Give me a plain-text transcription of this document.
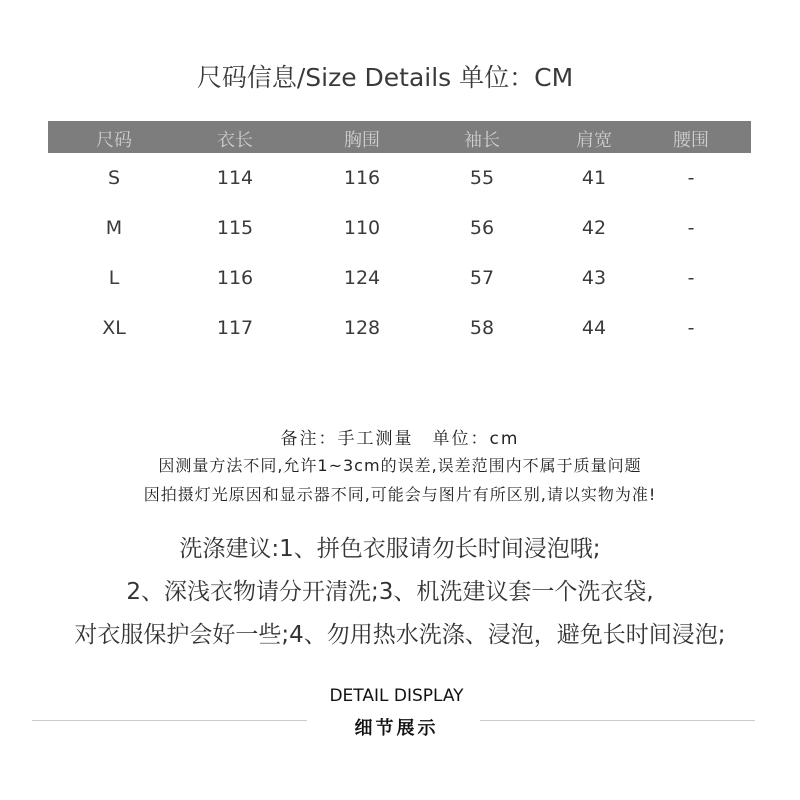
尺码信息/Size Details 单位：CM
尺码	衣长	胸围	袖长	肩宽	腰围
S	114	116	55	41	-
M	115	110	56	42	-
L	116	124	57	43	-
XL	117	128	58	44	-
备注：手工测量　单位：cm
因测量方法不同,允许1~3cm的误差,误差范围内不属于质量问题
因拍摄灯光原因和显示器不同,可能会与图片有所区别,请以实物为准!
洗涤建议:1、拼色衣服请勿长时间浸泡哦;
2、深浅衣物请分开清洗;3、机洗建议套一个洗衣袋,
对衣服保护会好一些;4、勿用热水洗涤、浸泡，避免长时间浸泡;
DETAIL DISPLAY
细节展示
